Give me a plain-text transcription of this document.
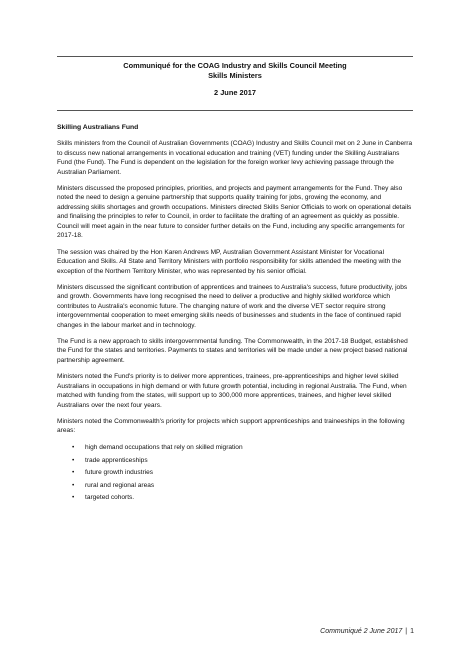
Communiqué for the COAG Industry and Skills Council Meeting
Skills Ministers
2 June 2017
Skilling Australians Fund

Skills ministers from the Council of Australian Governments (COAG) Industry and Skills Council met on 2 June in Canberra to discuss new national arrangements in vocational education and training (VET) funding under the Skilling Australians Fund (the Fund). The Fund is dependent on the legislation for the foreign worker levy achieving passage through the Australian Parliament.

Ministers discussed the proposed principles, priorities, and projects and payment arrangements for the Fund. They also noted the need to design a genuine partnership that supports quality training for jobs, growing the economy, and addressing skills shortages and growth occupations. Ministers directed Skills Senior Officials to work on operational details and finalising the principles to refer to Council, in order to facilitate the drafting of an agreement as quickly as possible. Council will meet again in the near future to consider further details on the Fund, including any specific arrangements for 2017-18.

The session was chaired by the Hon Karen Andrews MP, Australian Government Assistant Minister for Vocational Education and Skills. All State and Territory Ministers with portfolio responsibility for skills attended the meeting with the exception of the Northern Territory Minister, who was represented by his senior official.

Ministers discussed the significant contribution of apprentices and trainees to Australia's success, future productivity, jobs and growth. Governments have long recognised the need to deliver a productive and highly skilled workforce which contributes to Australia's economic future. The changing nature of work and the diverse VET sector require strong intergovernmental cooperation to meet emerging skills needs of businesses and students in the face of continued rapid changes in the labour market and in technology.

The Fund is a new approach to skills intergovernmental funding. The Commonwealth, in the 2017-18 Budget, established the Fund for the states and territories. Payments to states and territories will be made under a new project based national partnership agreement.

Ministers noted the Fund's priority is to deliver more apprentices, trainees, pre-apprenticeships and higher level skilled Australians in occupations in high demand or with future growth potential, including in regional Australia. The Fund, when matched with funding from the states, will support up to 300,000 more apprentices, trainees, and higher level skilled Australians over the next four years.

Ministers noted the Commonwealth's priority for projects which support apprenticeships and traineeships in the following areas:

• high demand occupations that rely on skilled migration
• trade apprenticeships
• future growth industries
• rural and regional areas
• targeted cohorts.
Communiqué 2 June 2017 | 1
